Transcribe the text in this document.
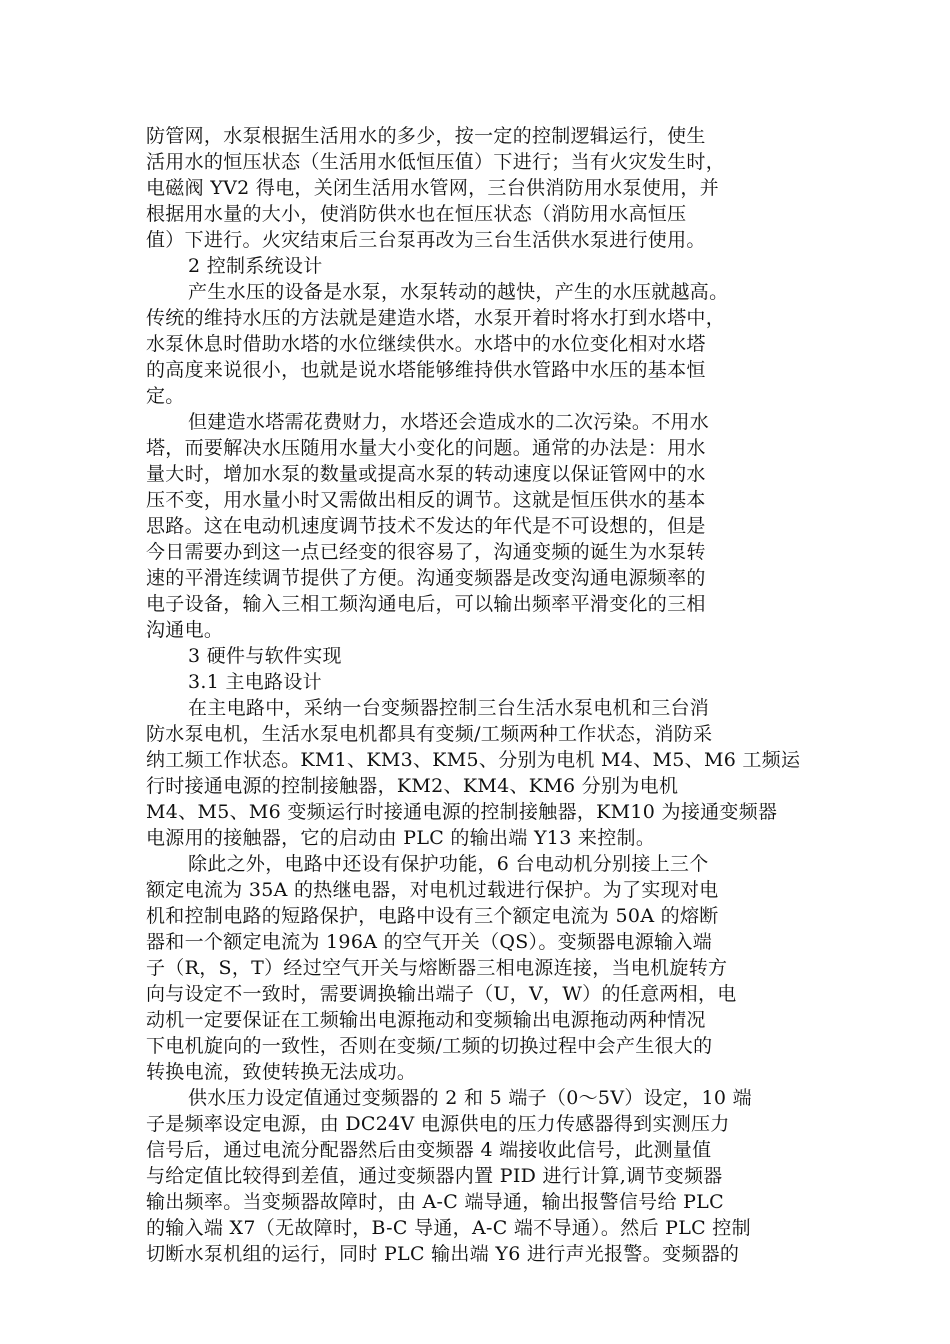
防管网，水泵根据生活用水的多少，按一定的控制逻辑运行，使生
活用水的恒压状态（生活用水低恒压值）下进行；当有火灾发生时，
电磁阀 YV2 得电，关闭生活用水管网，三台供消防用水泵使用，并
根据用水量的大小，使消防供水也在恒压状态（消防用水高恒压
值）下进行。火灾结束后三台泵再改为三台生活供水泵进行使用。
2 控制系统设计
产生水压的设备是水泵，水泵转动的越快，产生的水压就越高。
传统的维持水压的方法就是建造水塔，水泵开着时将水打到水塔中，
水泵休息时借助水塔的水位继续供水。水塔中的水位变化相对水塔
的高度来说很小，也就是说水塔能够维持供水管路中水压的基本恒
定。
但建造水塔需花费财力，水塔还会造成水的二次污染。不用水
塔，而要解决水压随用水量大小变化的问题。通常的办法是：用水
量大时，增加水泵的数量或提高水泵的转动速度以保证管网中的水
压不变，用水量小时又需做出相反的调节。这就是恒压供水的基本
思路。这在电动机速度调节技术不发达的年代是不可设想的，但是
今日需要办到这一点已经变的很容易了，沟通变频的诞生为水泵转
速的平滑连续调节提供了方便。沟通变频器是改变沟通电源频率的
电子设备，输入三相工频沟通电后，可以输出频率平滑变化的三相
沟通电。
3 硬件与软件实现
3.1 主电路设计
在主电路中，采纳一台变频器控制三台生活水泵电机和三台消
防水泵电机，生活水泵电机都具有变频/工频两种工作状态，消防采
纳工频工作状态。KM1、KM3、KM5、分别为电机 M4、M5、M6 工频运
行时接通电源的控制接触器，KM2、KM4、KM6 分别为电机
M4、M5、M6 变频运行时接通电源的控制接触器，KM10 为接通变频器
电源用的接触器，它的启动由 PLC 的输出端 Y13 来控制。
除此之外，电路中还设有保护功能，6 台电动机分别接上三个
额定电流为 35A 的热继电器，对电机过载进行保护。为了实现对电
机和控制电路的短路保护，电路中设有三个额定电流为 50A 的熔断
器和一个额定电流为 196A 的空气开关（QS）。变频器电源输入端
子（R，S，T）经过空气开关与熔断器三相电源连接，当电机旋转方
向与设定不一致时，需要调换输出端子（U，V，W）的任意两相，电
动机一定要保证在工频输出电源拖动和变频输出电源拖动两种情况
下电机旋向的一致性，否则在变频/工频的切换过程中会产生很大的
转换电流，致使转换无法成功。
供水压力设定值通过变频器的 2 和 5 端子（0～5V）设定，10 端
子是频率设定电源，由 DC24V 电源供电的压力传感器得到实测压力
信号后，通过电流分配器然后由变频器 4 端接收此信号，此测量值
与给定值比较得到差值，通过变频器内置 PID 进行计算,调节变频器
输出频率。当变频器故障时，由 A-C 端导通，输出报警信号给 PLC
的输入端 X7（无故障时，B-C 导通，A-C 端不导通）。然后 PLC 控制
切断水泵机组的运行，同时 PLC 输出端 Y6 进行声光报警。变频器的
